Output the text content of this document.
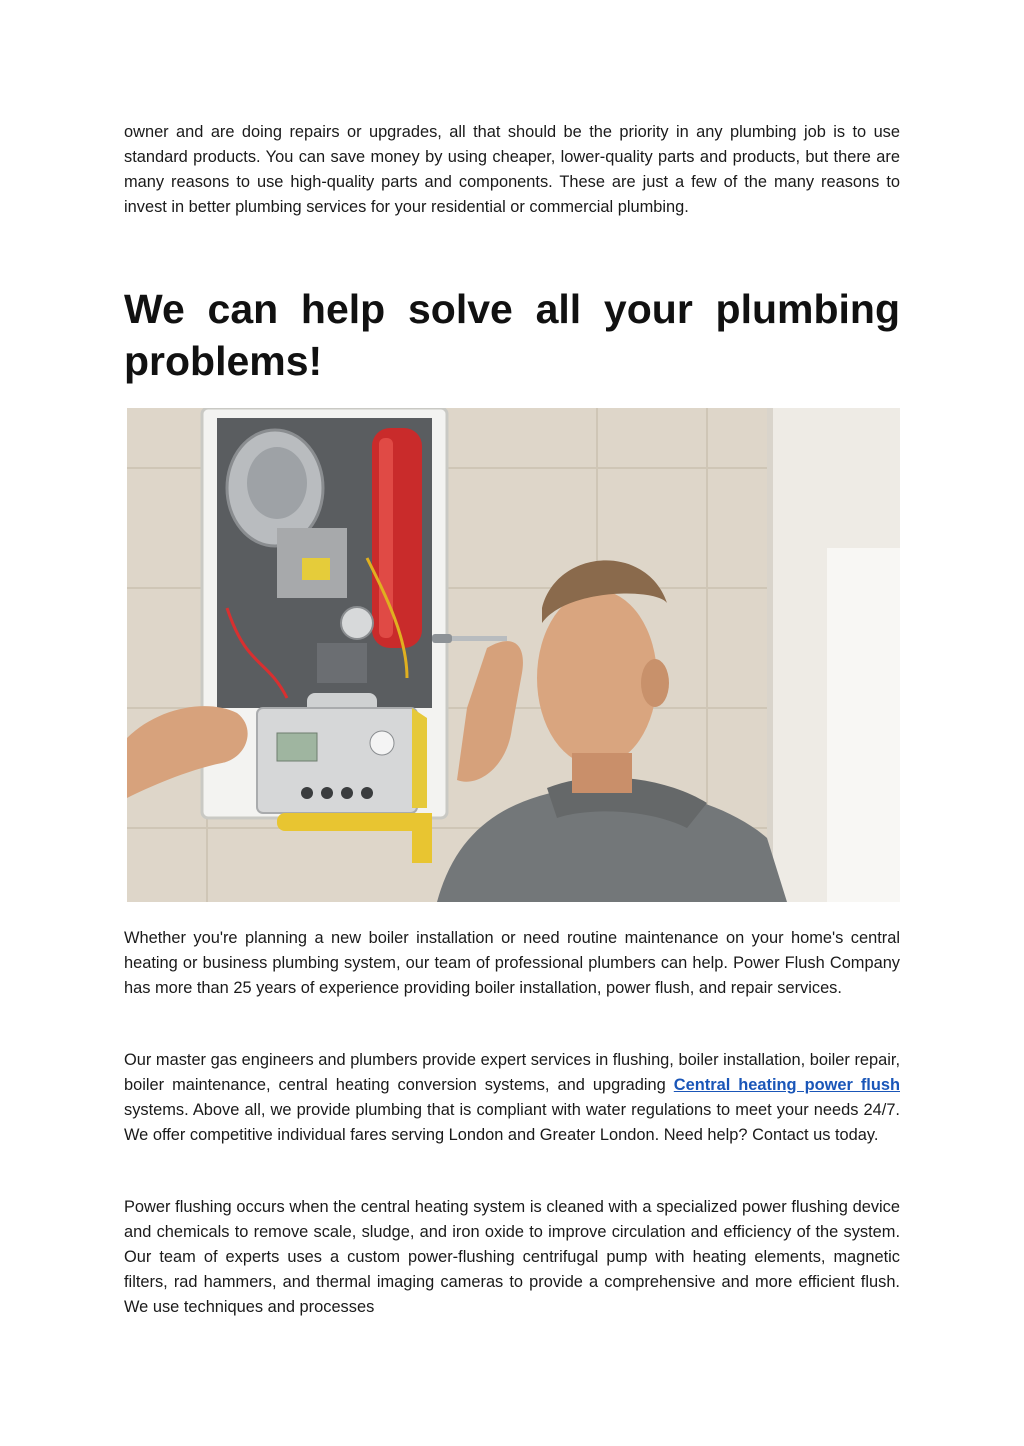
owner and are doing repairs or upgrades, all that should be the priority in any plumbing job is to use standard products. You can save money by using cheaper, lower-quality parts and products, but there are many reasons to use high-quality parts and components. These are just a few of the many reasons to invest in better plumbing services for your residential or commercial plumbing.

We can help solve all your plumbing
problems!

Whether you're planning a new boiler installation or need routine maintenance on your home's central heating or business plumbing system, our team of professional plumbers can help. Power Flush Company has more than 25 years of experience providing boiler installation, power flush, and repair services.

Our master gas engineers and plumbers provide expert services in flushing, boiler installation, boiler repair, boiler maintenance, central heating conversion systems, and upgrading Central heating power flush systems. Above all, we provide plumbing that is compliant with water regulations to meet your needs 24/7. We offer competitive individual fares serving London and Greater London. Need help? Contact us today.

Power flushing occurs when the central heating system is cleaned with a specialized power flushing device and chemicals to remove scale, sludge, and iron oxide to improve circulation and efficiency of the system. Our team of experts uses a custom power-flushing centrifugal pump with heating elements, magnetic filters, rad hammers, and thermal imaging cameras to provide a comprehensive and more efficient flush. We use techniques and processes
